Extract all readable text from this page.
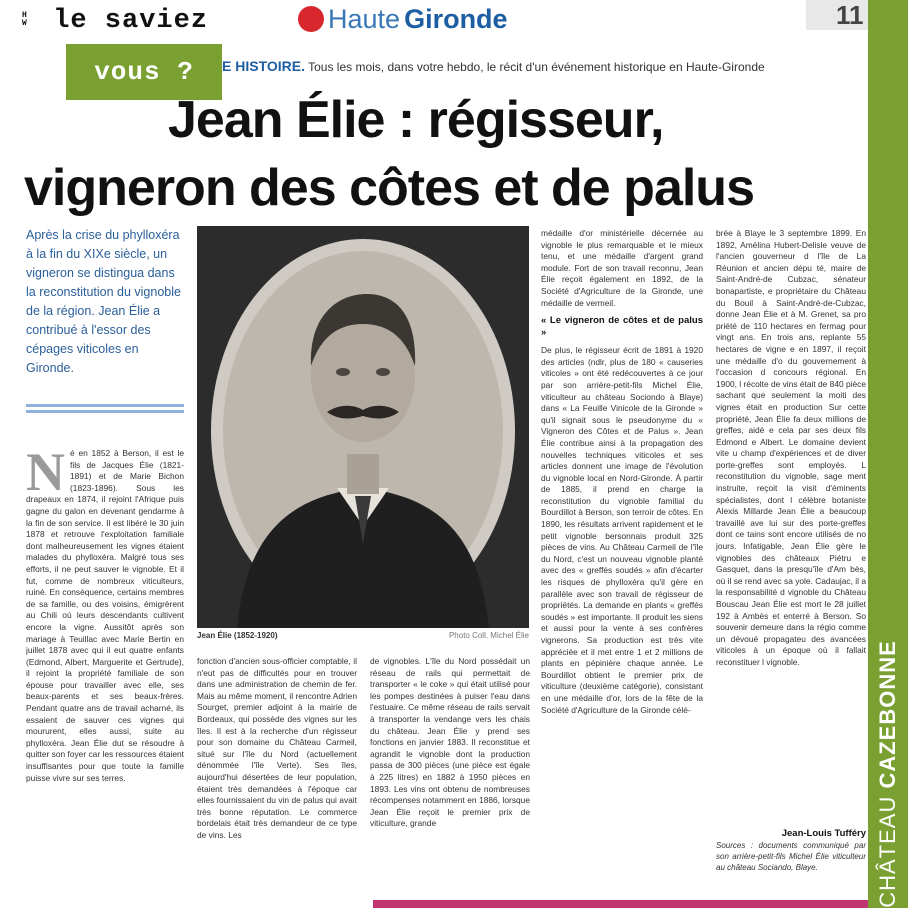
H W le saviez
vous ?
Haute Gironde	11
E HISTOIRE. Tous les mois, dans votre hebdo, le récit d'un événement historique en Haute-Gironde
Jean Élie : régisseur,
vigneron des côtes et de palus
Après la crise du phylloxéra à la fin du XIXe siècle, un vigneron se distingua dans la reconstitution du vignoble de la région. Jean Élie a contribué à l'essor des cépages viticoles en Gironde.
Jean Élie (1852-1920)	Photo Coll. Michel Élie
Né en 1852 à Berson, il est le fils de Jacques Élie (1821-1891) et de Marie Bichon (1823-1896). Sous les drapeaux en 1874, il rejoint l'Afrique puis gagne du galon en devenant gendarme à la fin de son service. Il est libéré le 30 juin 1878 et retrouve l'exploitation familiale dont malheureusement les vignes étaient malades du phylloxéra. Malgré tous ses efforts, il ne peut sauver le vignoble. Et il fut, comme de nombreux viticulteurs, ruiné. En conséquence, certains membres de sa famille, ou des voisins, émigrèrent au Chili où leurs descendants cultivent encore la vigne. Aussitôt après son mariage à Teuillac avec Marie Bertin en juillet 1878 avec qui il eut quatre enfants (Edmond, Albert, Marguerite et Gertrude), il rejoint la propriété familiale de son épouse pour travailler avec elle, ses beaux-parents et ses beaux-frères. Pendant quatre ans de travail acharné, ils essaient de sauver ces vignes qui moururent, elles aussi, suite au phylloxéra. Jean Élie dut se résoudre à quitter son foyer car les ressources étaient insuffisantes pour que toute la famille puisse vivre sur ses terres.
fonction d'ancien sous-officier comptable, il n'eut pas de difficultés pour en trouver dans une administration de chemin de fer. Mais au même moment, il rencontre Adrien Sourget, premier adjoint à la mairie de Bordeaux, qui possède des vignes sur les îles. Il est à la recherche d'un régisseur pour son domaine du Château Carmeil, situé sur l'île du Nord (actuellement dénommée l'île Verte). Ses îles, aujourd'hui désertées de leur population, étaient très demandées à l'époque car elles fournissaient du vin de palus qui avait très bonne réputation. Le commerce bordelais était très demandeur de ce type de vins. Les
de vignobles. L'île du Nord possédait un réseau de rails qui permettait de transporter « le coke » qui était utilisé pour les pompes destinées à puiser l'eau dans l'estuaire. Ce même réseau de rails servait à transporter la vendange vers les chais du château. Jean Élie y prend ses fonctions en janvier 1883. Il reconstitue et agrandit le vignoble dont la production passa de 300 pièces (une pièce est égale à 225 litres) en 1882 à 1950 pièces en 1893. Les vins ont obtenu de nombreuses récompenses notamment en 1886, lorsque Jean Élie reçoit le premier prix de viticulture, grande
médaille d'or ministérielle décernée au vignoble le plus remarquable et le mieux tenu, et une médaille d'argent grand module. Fort de son travail reconnu, Jean Élie reçoit également en 1892, de la Société d'Agriculture de la Gironde, une médaille de vermeil.
« Le vigneron de côtes et de palus »
De plus, le régisseur écrit de 1891 à 1920 des articles (ndlr, plus de 180 « causeries viticoles » ont été redécouvertes à ce jour par son arrière-petit-fils Michel Élie, viticulteur au château Sociondo à Blaye) dans « La Feuille Vinicole de la Gironde » qu'il signait sous le pseudonyme du « Vigneron des Côtes et de Palus ». Jean Élie contribue ainsi à la propagation des nouvelles techniques viticoles et ses articles donnent une image de l'évolution du vignoble local en Nord-Gironde. À partir de 1885, il prend en charge la reconstitution du vignoble familial du Bourdillot à Berson, son terroir de côtes. En 1890, les résultats arrivent rapidement et le petit vignoble bersonnais produit 325 pièces de vins. Au Château Carmeil de l'île du Nord, c'est un nouveau vignoble planté avec des « greffés soudés » afin d'écarter les risques de phylloxéra qu'il gère en parallèle avec son travail de régisseur de propriétés. La demande en plants « greffés soudés » est importante. Il produit les siens et aussi pour la vente à ses confrères vignerons. Sa production est très vite appréciée et il met entre 1 et 2 millions de plants en pépinière chaque année. Le Bourdillot obtient le premier prix de viticulture (deuxième catégorie), consistant en une médaille d'or, lors de la fête de la Société d'Agriculture de la Gironde célé-
brée à Blaye le 3 septembre 1899. En 1892, Amélina Hubert-Delisle veuve de l'ancien gouverneur d l'île de La Réunion et ancien dépu té, maire de Saint-André-de Cubzac, sénateur bonapartiste, e propriétaire du Château du Bouil à Saint-André-de-Cubzac, donne Jean Élie et à M. Grenet, sa pro priété de 110 hectares en fermag pour vingt ans. En trois ans, replante 55 hectares de vigne e en 1897, il reçoit une médaille d'o du gouvernement à l'occasion d concours régional. En 1900, l récolte de vins était de 840 pièce sachant que seulement la moiti des vignes était en production Sur cette propriété, Jean Élie fa deux millions de greffes, aidé e cela par ses deux fils Edmond e Albert. Le domaine devient vite u champ d'expériences et de diver porte-greffes sont employés. L reconstitution du vignoble, sage ment instruite, reçoit la visit d'éminents spécialistes, dont l célèbre botaniste Alexis Millarde Jean Élie a beaucoup travaillé ave lui sur des porte-greffes dont ce tains sont encore utilisés de no jours. Infatigable, Jean Élie gère le vignobles des châteaux Piétru e Gasquet, dans la presqu'île d'Am bès, où il se rend avec sa yole. Cadaujac, il a la responsabilité d vignoble du Château Bouscau Jean Élie est mort le 28 juillet 192 à Ambès et enterré à Berson. So souvenir demeure dans la régio comme un dévoué propagateu des avancées viticoles à un époque où il fallait reconstituer l vignoble.
Jean-Louis Tufféry
Sources : documents communiqué par son arrière-petit-fils Michel Élie viticulteur au château Sociando, Blaye.	CHÂTEAU CAZEBONNE
